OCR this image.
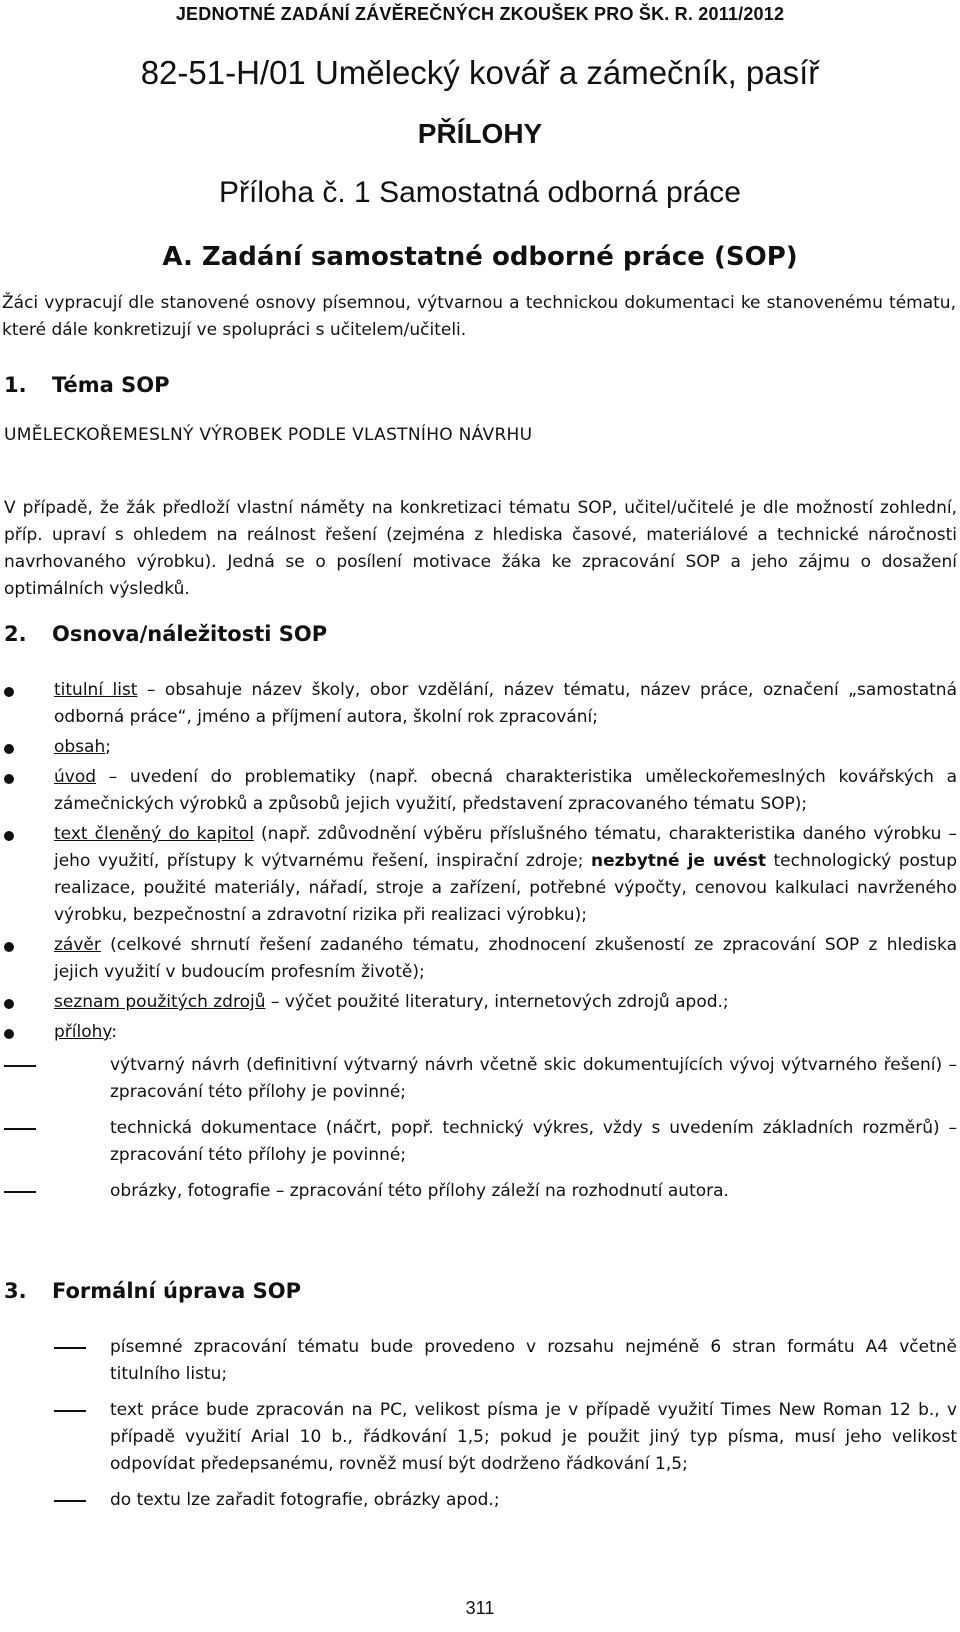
JEDNOTNÉ ZADÁNÍ ZÁVĚREČNÝCH ZKOUŠEK PRO ŠK. R. 2011/2012
82-51-H/01 Umělecký kovář a zámečník, pasíř
PŘÍLOHY
Příloha č. 1 Samostatná odborná práce
A. Zadání samostatné odborné práce (SOP)
Žáci vypracují dle stanovené osnovy písemnou, výtvarnou a technickou dokumentaci ke stanovenému tématu, které dále konkretizují ve spolupráci s učitelem/učiteli.
1. Téma SOP
UMĚLECKOŘEMESLNÝ VÝROBEK PODLE VLASTNÍHO NÁVRHU
V případě, že žák předloží vlastní náměty na konkretizaci tématu SOP, učitel/učitelé je dle možností zohlední, příp. upraví s ohledem na reálnost řešení (zejména z hlediska časové, materiálové a technické náročnosti navrhovaného výrobku). Jedná se o posílení motivace žáka ke zpracování SOP a jeho zájmu o dosažení optimálních výsledků.
2. Osnova/náležitosti SOP
titulní list – obsahuje název školy, obor vzdělání, název tématu, název práce, označení „samostatná odborná práce“, jméno a příjmení autora, školní rok zpracování;
obsah;
úvod – uvedení do problematiky (např. obecná charakteristika uměleckořemeslných kovářských a zámečnických výrobků a způsobů jejich využití, představení zpracovaného tématu SOP);
text členěný do kapitol (např. zdůvodnění výběru příslušného tématu, charakteristika daného výrobku – jeho využití, přístupy k výtvarnému řešení, inspirační zdroje; nezbytné je uvést technologický postup realizace, použité materiály, nářadí, stroje a zařízení, potřebné výpočty, cenovou kalkulaci navrženého výrobku, bezpečnostní a zdravotní rizika při realizaci výrobku);
závěr (celkové shrnutí řešení zadaného tématu, zhodnocení zkušeností ze zpracování SOP z hlediska jejich využití v budoucím profesním životě);
seznam použitých zdrojů – výčet použité literatury, internetových zdrojů apod.;
přílohy:
výtvarný návrh (definitivní výtvarný návrh včetně skic dokumentujících vývoj výtvarného řešení) – zpracování této přílohy je povinné;
technická dokumentace (náčrt, popř. technický výkres, vždy s uvedením základních rozměrů) – zpracování této přílohy je povinné;
obrázky, fotografie – zpracování této přílohy záleží na rozhodnutí autora.
3. Formální úprava SOP
písemné zpracování tématu bude provedeno v rozsahu nejméně 6 stran formátu A4 včetně titulního listu;
text práce bude zpracován na PC, velikost písma je v případě využití Times New Roman 12 b., v případě využití Arial 10 b., řádkování 1,5; pokud je použit jiný typ písma, musí jeho velikost odpovídat předepsanému, rovněž musí být dodrženo řádkování 1,5;
do textu lze zařadit fotografie, obrázky apod.;
311
